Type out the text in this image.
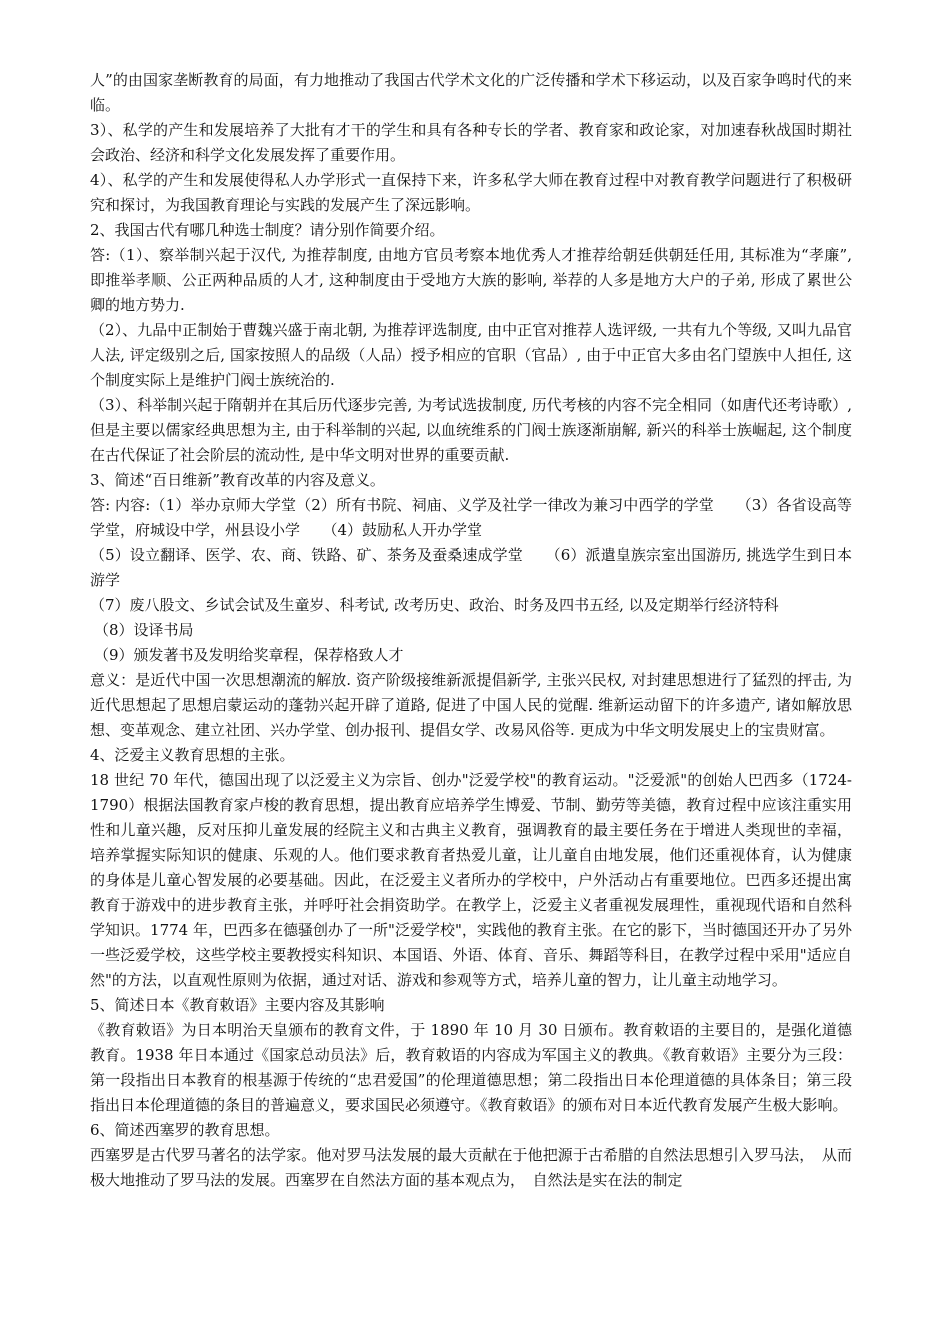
人”的由国家垄断教育的局面，有力地推动了我国古代学术文化的广泛传播和学术下移运动，以及百家争鸣时代的来临。

3）、私学的产生和发展培养了大批有才干的学生和具有各种专长的学者、教育家和政论家，对加速春秋战国时期社会政治、经济和科学文化发展发挥了重要作用。

4）、私学的产生和发展使得私人办学形式一直保持下来，许多私学大师在教育过程中对教育教学问题进行了积极研究和探讨，为我国教育理论与实践的发展产生了深远影响。

2、我国古代有哪几种选士制度？请分别作简要介绍。

答:（1）、察举制兴起于汉代, 为推荐制度, 由地方官员考察本地优秀人才推荐给朝廷供朝廷任用, 其标准为“孝廉”, 即推举孝顺、公正两种品质的人才, 这种制度由于受地方大族的影响, 举荐的人多是地方大户的子弟, 形成了累世公卿的地方势力.

（2）、九品中正制始于曹魏兴盛于南北朝, 为推荐评选制度, 由中正官对推荐人选评级, 一共有九个等级, 又叫九品官人法, 评定级别之后, 国家按照人的品级（人品）授予相应的官职（官品）, 由于中正官大多由名门望族中人担任, 这个制度实际上是维护门阀士族统治的.

（3）、科举制兴起于隋朝并在其后历代逐步完善, 为考试选拔制度, 历代考核的内容不完全相同（如唐代还考诗歌）, 但是主要以儒家经典思想为主, 由于科举制的兴起, 以血统维系的门阀士族逐渐崩解, 新兴的科举士族崛起, 这个制度在古代保证了社会阶层的流动性, 是中华文明对世界的重要贡献.

3、简述“百日维新”教育改革的内容及意义。

答: 内容:（1）举办京师大学堂（2）所有书院、祠庙、义学及社学一律改为兼习中西学的学堂　　（3）各省设高等学堂，府城设中学，州县设小学　　（4）鼓励私人开办学堂

（5）设立翻译、医学、农、商、铁路、矿、茶务及蚕桑速成学堂　　（6）派遣皇族宗室出国游历, 挑选学生到日本游学

（7）废八股文、乡试会试及生童岁、科考试, 改考历史、政治、时务及四书五经, 以及定期举行经济特科

（8）设译书局

（9）颁发著书及发明给奖章程，保荐格致人才

意义：是近代中国一次思想潮流的解放. 资产阶级接维新派提倡新学, 主张兴民权, 对封建思想进行了猛烈的抨击, 为近代思想起了思想启蒙运动的蓬勃兴起开辟了道路, 促进了中国人民的觉醒. 维新运动留下的许多遗产, 诸如解放思想、变革观念、建立社团、兴办学堂、创办报刊、提倡女学、改易风俗等. 更成为中华文明发展史上的宝贵财富。

4、泛爱主义教育思想的主张。

18 世纪 70 年代，德国出现了以泛爱主义为宗旨、创办"泛爱学校"的教育运动。"泛爱派"的创始人巴西多（1724-1790）根据法国教育家卢梭的教育思想，提出教育应培养学生博爱、节制、勤劳等美德，教育过程中应该注重实用性和儿童兴趣，反对压抑儿童发展的经院主义和古典主义教育，强调教育的最主要任务在于增进人类现世的幸福，培养掌握实际知识的健康、乐观的人。他们要求教育者热爱儿童，让儿童自由地发展，他们还重视体育，认为健康的身体是儿童心智发展的必要基础。因此，在泛爱主义者所办的学校中，户外活动占有重要地位。巴西多还提出寓教育于游戏中的进步教育主张，并呼吁社会捐资助学。在教学上，泛爱主义者重视发展理性，重视现代语和自然科学知识。1774 年，巴西多在德骚创办了一所"泛爱学校"，实践他的教育主张。在它的影下，当时德国还开办了另外一些泛爱学校，这些学校主要教授实科知识、本国语、外语、体育、音乐、舞蹈等科目，在教学过程中采用"适应自然"的方法，以直观性原则为依据，通过对话、游戏和参观等方式，培养儿童的智力，让儿童主动地学习。

5、简述日本《教育敕语》主要内容及其影响

《教育敕语》为日本明治天皇颁布的教育文件，于 1890 年 10 月 30 日颁布。教育敕语的主要目的，是强化道德教育。1938 年日本通过《国家总动员法》后，教育敕语的内容成为军国主义的教典。《教育敕语》主要分为三段：第一段指出日本教育的根基源于传统的“忠君爱国”的伦理道德思想；第二段指出日本伦理道德的具体条目；第三段指出日本伦理道德的条目的普遍意义，要求国民必须遵守。《教育敕语》的颁布对日本近代教育发展产生极大影响。

6、简述西塞罗的教育思想。

西塞罗是古代罗马著名的法学家。他对罗马法发展的最大贡献在于他把源于古希腊的自然法思想引入罗马法，　从而极大地推动了罗马法的发展。西塞罗在自然法方面的基本观点为，　自然法是实在法的制定
